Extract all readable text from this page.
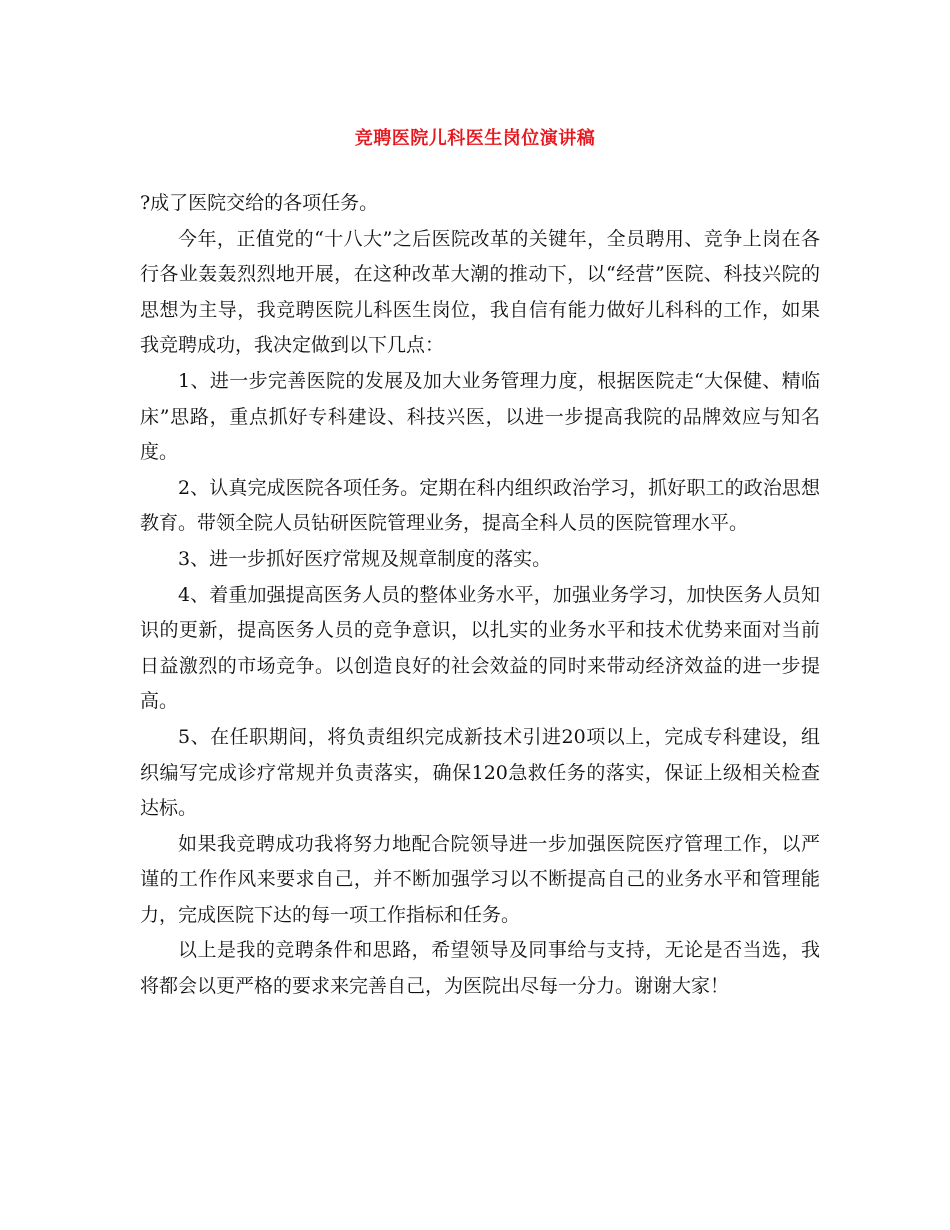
竞聘医院儿科医生岗位演讲稿

?成了医院交给的各项任务。

今年，正值党的“十八大”之后医院改革的关键年，全员聘用、竞争上岗在各行各业轰轰烈烈地开展，在这种改革大潮的推动下，以“经营”医院、科技兴院的思想为主导，我竞聘医院儿科医生岗位，我自信有能力做好儿科科的工作，如果我竞聘成功，我决定做到以下几点：

1、进一步完善医院的发展及加大业务管理力度，根据医院走“大保健、精临床”思路，重点抓好专科建设、科技兴医，以进一步提高我院的品牌效应与知名度。

2、认真完成医院各项任务。定期在科内组织政治学习，抓好职工的政治思想教育。带领全院人员钻研医院管理业务，提高全科人员的医院管理水平。

3、进一步抓好医疗常规及规章制度的落实。

4、着重加强提高医务人员的整体业务水平，加强业务学习，加快医务人员知识的更新，提高医务人员的竞争意识，以扎实的业务水平和技术优势来面对当前日益激烈的市场竞争。以创造良好的社会效益的同时来带动经济效益的进一步提高。

5、在任职期间，将负责组织完成新技术引进20项以上，完成专科建设，组织编写完成诊疗常规并负责落实，确保120急救任务的落实，保证上级相关检查达标。

如果我竞聘成功我将努力地配合院领导进一步加强医院医疗管理工作，以严谨的工作作风来要求自己，并不断加强学习以不断提高自己的业务水平和管理能力，完成医院下达的每一项工作指标和任务。

以上是我的竞聘条件和思路，希望领导及同事给与支持，无论是否当选，我将都会以更严格的要求来完善自己，为医院出尽每一分力。谢谢大家！
